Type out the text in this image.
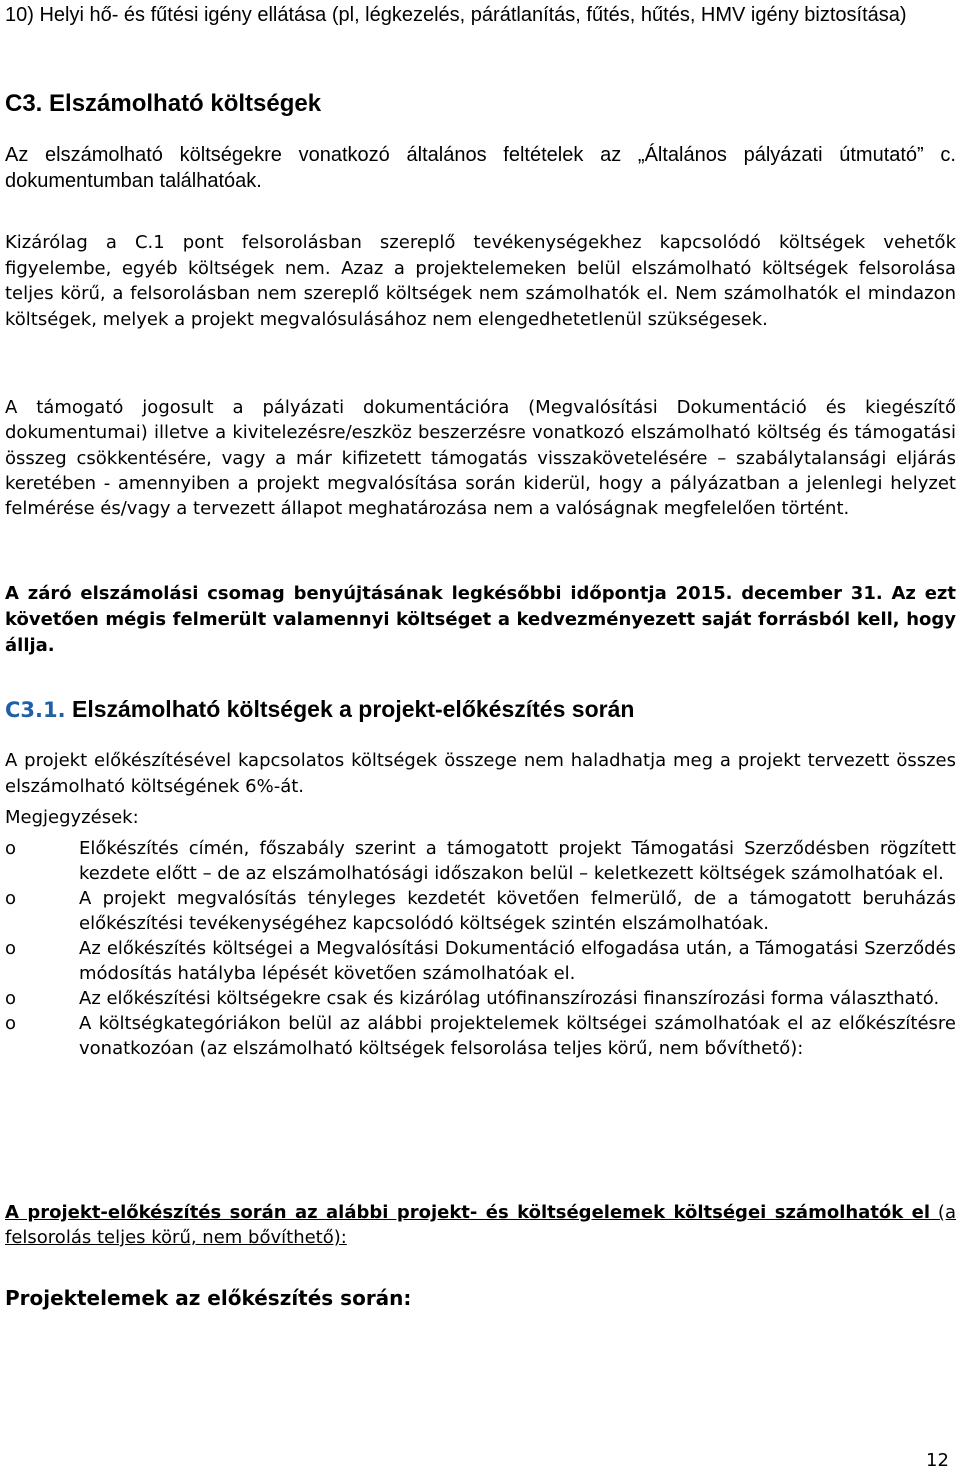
10) Helyi hő- és fűtési igény ellátása (pl, légkezelés, párátlanítás, fűtés, hűtés, HMV igény biztosítása)

C3. Elszámolható költségek

Az elszámolható költségekre vonatkozó általános feltételek az „Általános pályázati útmutató” c. dokumentumban találhatóak.

Kizárólag a C.1 pont felsorolásban szereplő tevékenységekhez kapcsolódó költségek vehetők figyelembe, egyéb költségek nem. Azaz a projektelemeken belül elszámolható költségek felsorolása teljes körű, a felsorolásban nem szereplő költségek nem számolhatók el. Nem számolhatók el mindazon költségek, melyek a projekt megvalósulásához nem elengedhetetlenül szükségesek.

A támogató jogosult a pályázati dokumentációra (Megvalósítási Dokumentáció és kiegészítő dokumentumai) illetve a kivitelezésre/eszköz beszerzésre vonatkozó elszámolható költség és támogatási összeg csökkentésére, vagy a már kifizetett támogatás visszakövetelésére – szabálytalansági eljárás keretében - amennyiben a projekt megvalósítása során kiderül, hogy a pályázatban a jelenlegi helyzet felmérése és/vagy a tervezett állapot meghatározása nem a valóságnak megfelelően történt.

A záró elszámolási csomag benyújtásának legkésőbbi időpontja 2015. december 31. Az ezt követően mégis felmerült valamennyi költséget a kedvezményezett saját forrásból kell, hogy állja.

C3.1. Elszámolható költségek a projekt-előkészítés során

A projekt előkészítésével kapcsolatos költségek összege nem haladhatja meg a projekt tervezett összes elszámolható költségének 6%-át.

Megjegyzések:

o	Előkészítés címén, főszabály szerint a támogatott projekt Támogatási Szerződésben rögzített kezdete előtt – de az elszámolhatósági időszakon belül – keletkezett költségek számolhatóak el.
o	A projekt megvalósítás tényleges kezdetét követően felmerülő, de a támogatott beruházás előkészítési tevékenységéhez kapcsolódó költségek szintén elszámolhatóak.
o	Az előkészítés költségei a Megvalósítási Dokumentáció elfogadása után, a Támogatási Szerződés módosítás hatályba lépését követően számolhatóak el.
o	Az előkészítési költségekre csak és kizárólag utófinanszírozási finanszírozási forma választható.
o	A költségkategóriákon belül az alábbi projektelemek költségei számolhatóak el az előkészítésre vonatkozóan (az elszámolható költségek felsorolása teljes körű, nem bővíthető):

A projekt-előkészítés során az alábbi projekt- és költségelemek költségei számolhatók el (a felsorolás teljes körű, nem bővíthető):

Projektelemek az előkészítés során:

12
